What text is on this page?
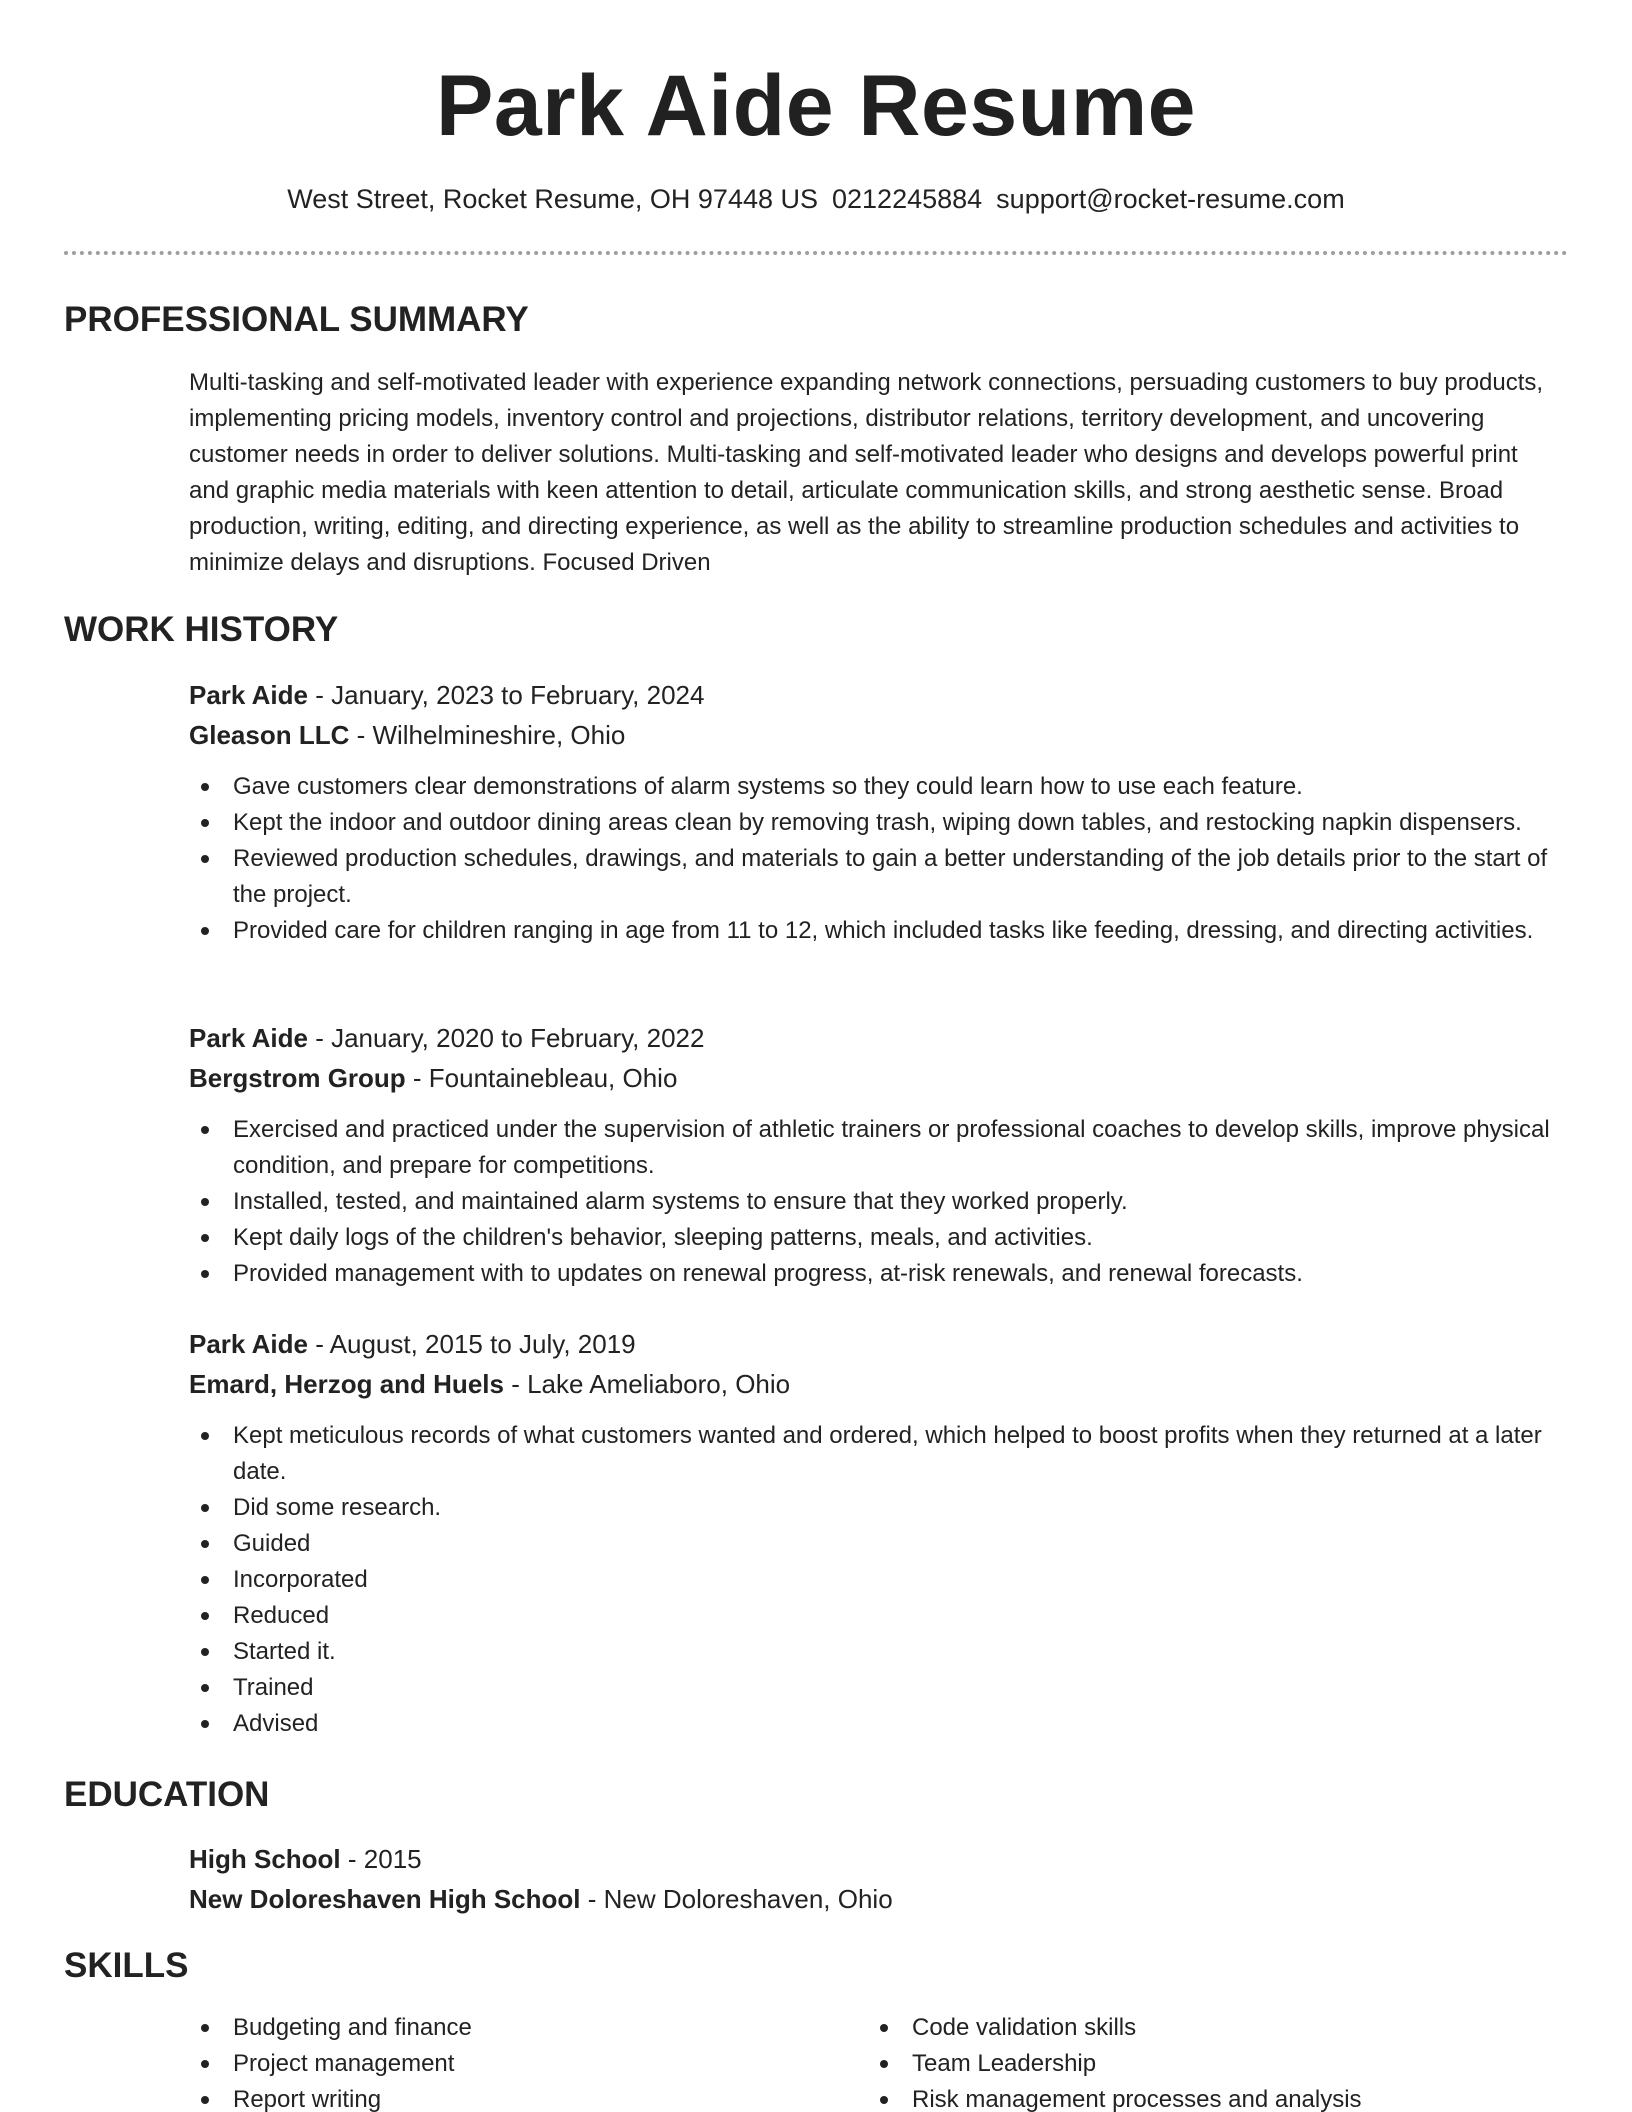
Park Aide Resume
West Street, Rocket Resume, OH 97448 US 0212245884 support@rocket-resume.com
PROFESSIONAL SUMMARY

Multi-tasking and self-motivated leader with experience expanding network connections, persuading customers to buy products, implementing pricing models, inventory control and projections, distributor relations, territory development, and uncovering customer needs in order to deliver solutions. Multi-tasking and self-motivated leader who designs and develops powerful print and graphic media materials with keen attention to detail, articulate communication skills, and strong aesthetic sense. Broad production, writing, editing, and directing experience, as well as the ability to streamline production schedules and activities to minimize delays and disruptions. Focused Driven

WORK HISTORY
Park Aide - January, 2023 to February, 2024
Gleason LLC - Wilhelmineshire, Ohio
Gave customers clear demonstrations of alarm systems so they could learn how to use each feature.
Kept the indoor and outdoor dining areas clean by removing trash, wiping down tables, and restocking napkin dispensers.
Reviewed production schedules, drawings, and materials to gain a better understanding of the job details prior to the start of the project.
Provided care for children ranging in age from 11 to 12, which included tasks like feeding, dressing, and directing activities.
Park Aide - January, 2020 to February, 2022
Bergstrom Group - Fountainebleau, Ohio
Exercised and practiced under the supervision of athletic trainers or professional coaches to develop skills, improve physical condition, and prepare for competitions.
Installed, tested, and maintained alarm systems to ensure that they worked properly.
Kept daily logs of the children's behavior, sleeping patterns, meals, and activities.
Provided management with to updates on renewal progress, at-risk renewals, and renewal forecasts.
Park Aide - August, 2015 to July, 2019
Emard, Herzog and Huels - Lake Ameliaboro, Ohio
Kept meticulous records of what customers wanted and ordered, which helped to boost profits when they returned at a later date.
Did some research.
Guided
Incorporated
Reduced
Started it.
Trained
Advised
EDUCATION
High School - 2015
New Doloreshaven High School - New Doloreshaven, Ohio
SKILLS
Budgeting and finance
Project management
Report writing
Code validation skills
Team Leadership
Risk management processes and analysis
